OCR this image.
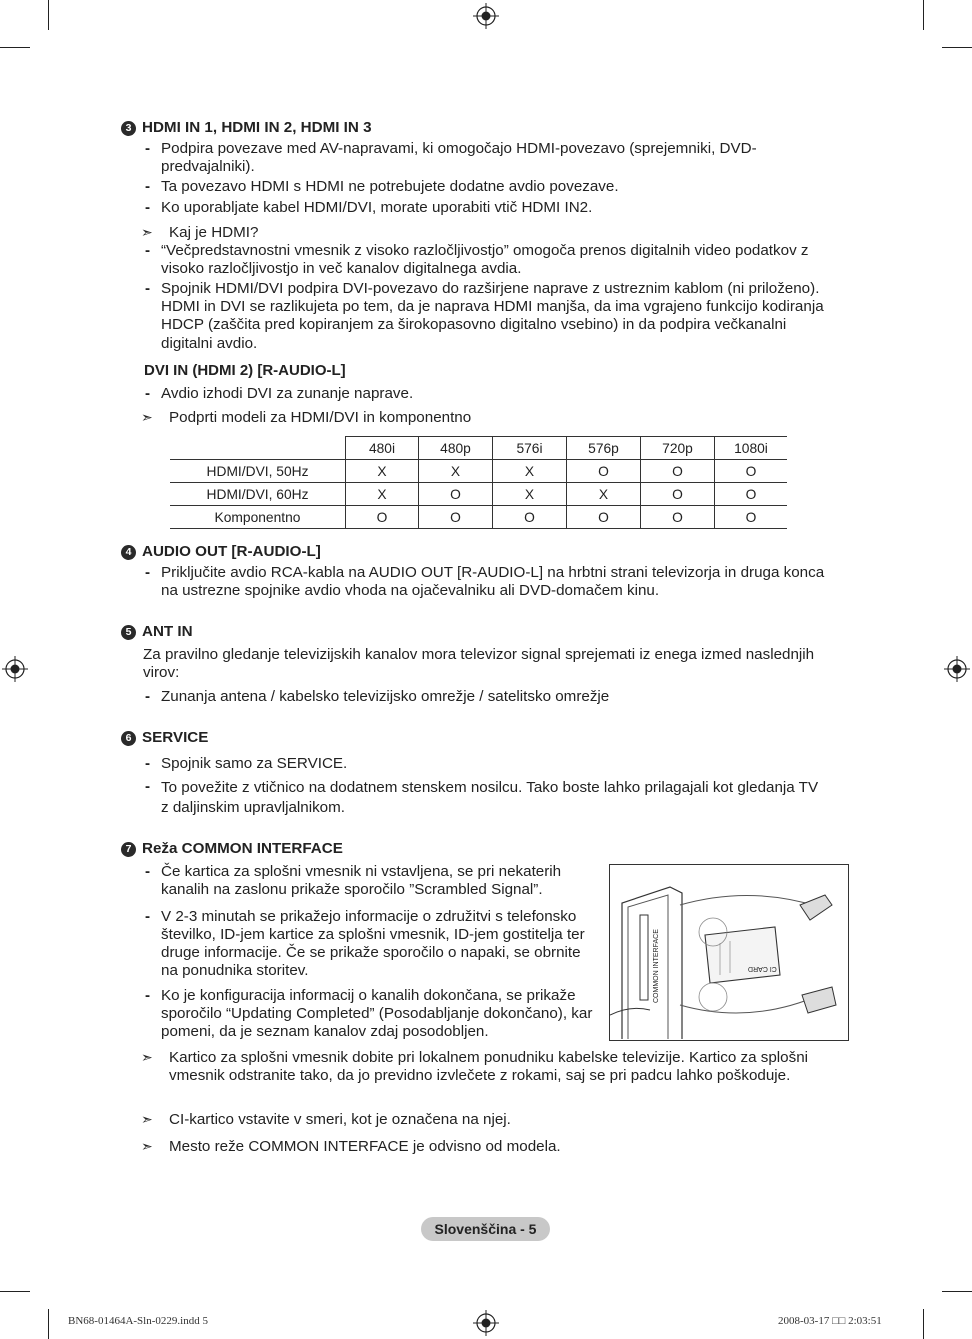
3 HDMI IN 1, HDMI IN 2, HDMI IN 3
- Podpira povezave med AV-napravami, ki omogočajo HDMI-povezavo (sprejemniki, DVD-predvajalniki).
- Ta povezavo HDMI s HDMI ne potrebujete dodatne avdio povezave.
- Ko uporabljate kabel HDMI/DVI, morate uporabiti vtič HDMI IN2.
➣ Kaj je HDMI?
- “Večpredstavnostni vmesnik z visoko razločljivostjo” omogoča prenos digitalnih video podatkov z visoko razločljivostjo in več kanalov digitalnega avdia.
- Spojnik HDMI/DVI podpira DVI-povezavo do razširjene naprave z ustreznim kablom (ni priloženo). HDMI in DVI se razlikujeta po tem, da je naprava HDMI manjša, da ima vgrajeno funkcijo kodiranja HDCP (zaščita pred kopiranjem za širokopasovno digitalno vsebino) in da podpira večkanalni digitalni avdio.
DVI IN (HDMI 2) [R-AUDIO-L]
- Avdio izhodi DVI za zunanje naprave.
➣ Podprti modeli za HDMI/DVI in komponentno
	480i	480p	576i	576p	720p	1080i
HDMI/DVI, 50Hz	X	X	X	O	O	O
HDMI/DVI, 60Hz	X	O	X	X	O	O
Komponentno	O	O	O	O	O	O
4 AUDIO OUT [R-AUDIO-L]
- Priključite avdio RCA-kabla na AUDIO OUT [R-AUDIO-L] na hrbtni strani televizorja in druga konca na ustrezne spojnike avdio vhoda na ojačevalniku ali DVD-domačem kinu.
5 ANT IN
Za pravilno gledanje televizijskih kanalov mora televizor signal sprejemati iz enega izmed naslednjih virov:
- Zunanja antena / kabelsko televizijsko omrežje / satelitsko omrežje
6 SERVICE
- Spojnik samo za SERVICE.
- To povežite z vtičnico na dodatnem stenskem nosilcu. Tako boste lahko prilagajali kot gledanja TV z daljinskim upravljalnikom.
7 Reža COMMON INTERFACE
- Če kartica za splošni vmesnik ni vstavljena, se pri nekaterih kanalih na zaslonu prikaže sporočilo ”Scrambled Signal”.
- V 2-3 minutah se prikažejo informacije o združitvi s telefonsko številko, ID-jem kartice za splošni vmesnik, ID-jem gostitelja ter druge informacije. Če se prikaže sporočilo o napaki, se obrnite na ponudnika storitev.
- Ko je konfiguracija informacij o kanalih dokončana, se prikaže sporočilo “Updating Completed” (Posodabljanje dokončano), kar pomeni, da je seznam kanalov zdaj posodobljen.
COMMON INTERFACE	CI CARD
➣ Kartico za splošni vmesnik dobite pri lokalnem ponudniku kabelske televizije. Kartico za splošni vmesnik odstranite tako, da jo previdno izvlečete z rokami, saj se pri padcu lahko poškoduje.
➣ CI-kartico vstavite v smeri, kot je označena na njej.
➣ Mesto reže COMMON INTERFACE je odvisno od modela.
Slovenščina - 5
BN68-01464A-Sln-0229.indd 5	2008-03-17 □□ 2:03:51
